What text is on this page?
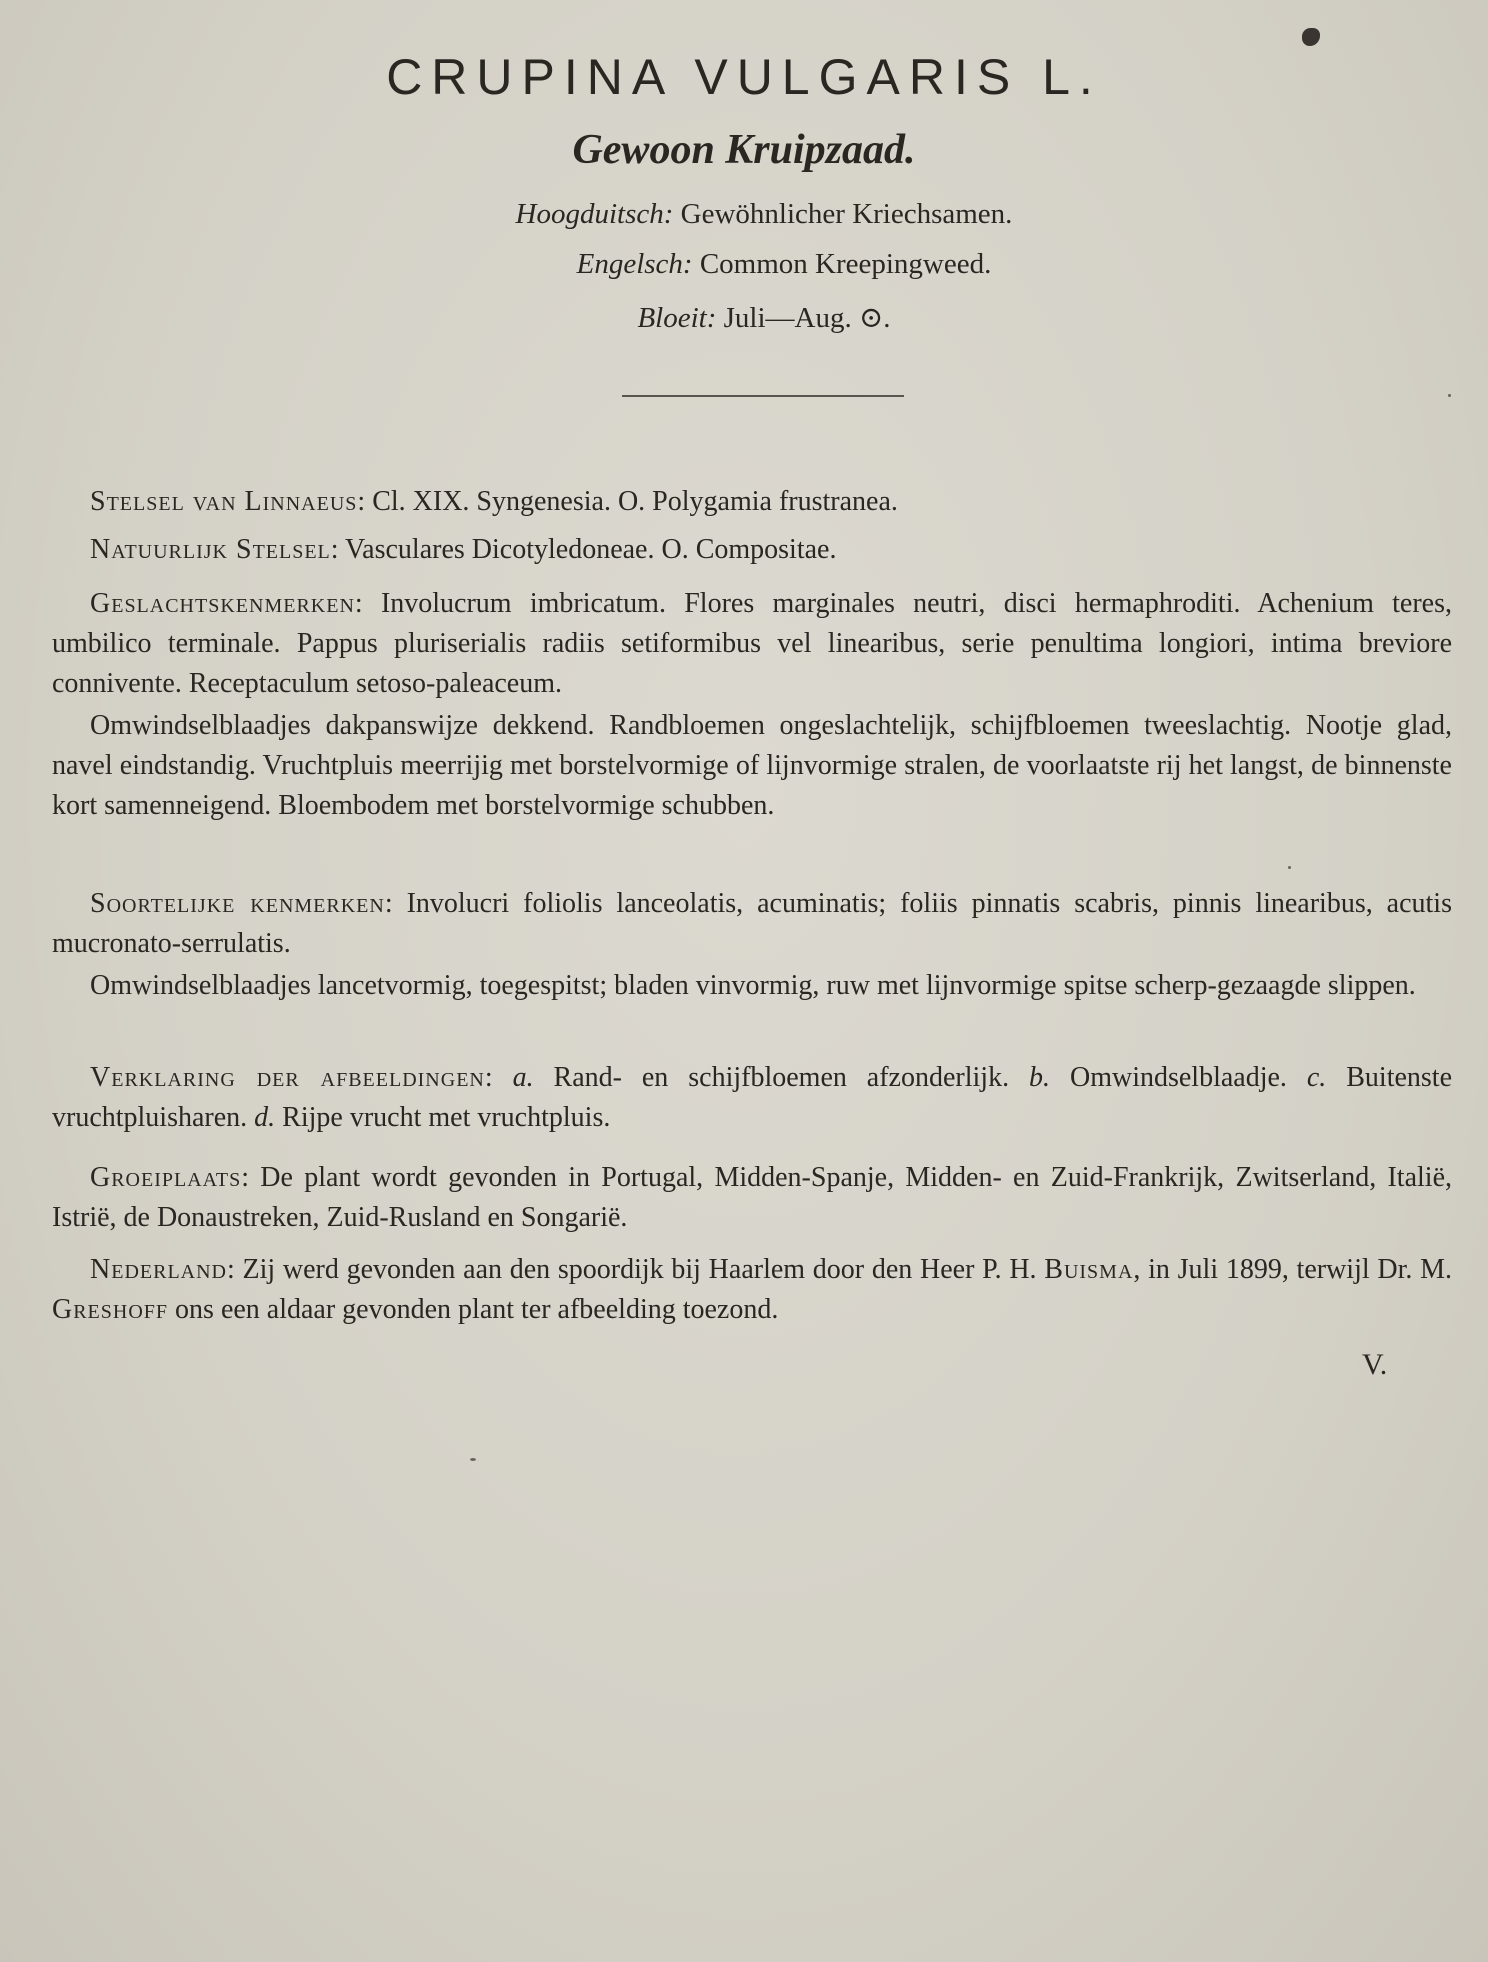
CRUPINA VULGARIS L.
Gewoon Kruipzaad.
Hoogduitsch: Gewöhnlicher Kriechsamen.
Engelsch: Common Kreepingweed.
Bloeit: Juli—Aug. ⊙.
Stelsel van Linnaeus: Cl. XIX. Syngenesia. O. Polygamia frustranea.
Natuurlijk Stelsel: Vasculares Dicotyledoneae. O. Compositae.
Geslachtskenmerken: Involucrum imbricatum. Flores marginales neutri, disci hermaphroditi. Achenium teres, umbilico terminale. Pappus pluriserialis radiis setiformibus vel linearibus, serie penultima longiori, intima breviore connivente. Receptaculum setoso-paleaceum.
Omwindselblaadjes dakpanswijze dekkend. Randbloemen ongeslachtelijk, schijfbloemen tweeslachtig. Nootje glad, navel eindstandig. Vruchtpluis meerrijig met borstelvormige of lijnvormige stralen, de voorlaatste rij het langst, de binnenste kort samenneigend. Bloembodem met borstelvormige schubben.
Soortelijke kenmerken: Involucri foliolis lanceolatis, acuminatis; foliis pinnatis scabris, pinnis linearibus, acutis mucronato-serrulatis.
Omwindselblaadjes lancetvormig, toegespitst; bladen vinvormig, ruw met lijnvormige spitse scherp-gezaagde slippen.
Verklaring der afbeeldingen: a. Rand- en schijfbloemen afzonderlijk. b. Omwindselblaadje. c. Buitenste vruchtpluisharen. d. Rijpe vrucht met vruchtpluis.
Groeiplaats: De plant wordt gevonden in Portugal, Midden-Spanje, Midden- en Zuid-Frankrijk, Zwitserland, Italië, Istrië, de Donaustreken, Zuid-Rusland en Songarië.
Nederland: Zij werd gevonden aan den spoordijk bij Haarlem door den Heer P. H. Buisma, in Juli 1899, terwijl Dr. M. Greshoff ons een aldaar gevonden plant ter afbeelding toezond.
V.
